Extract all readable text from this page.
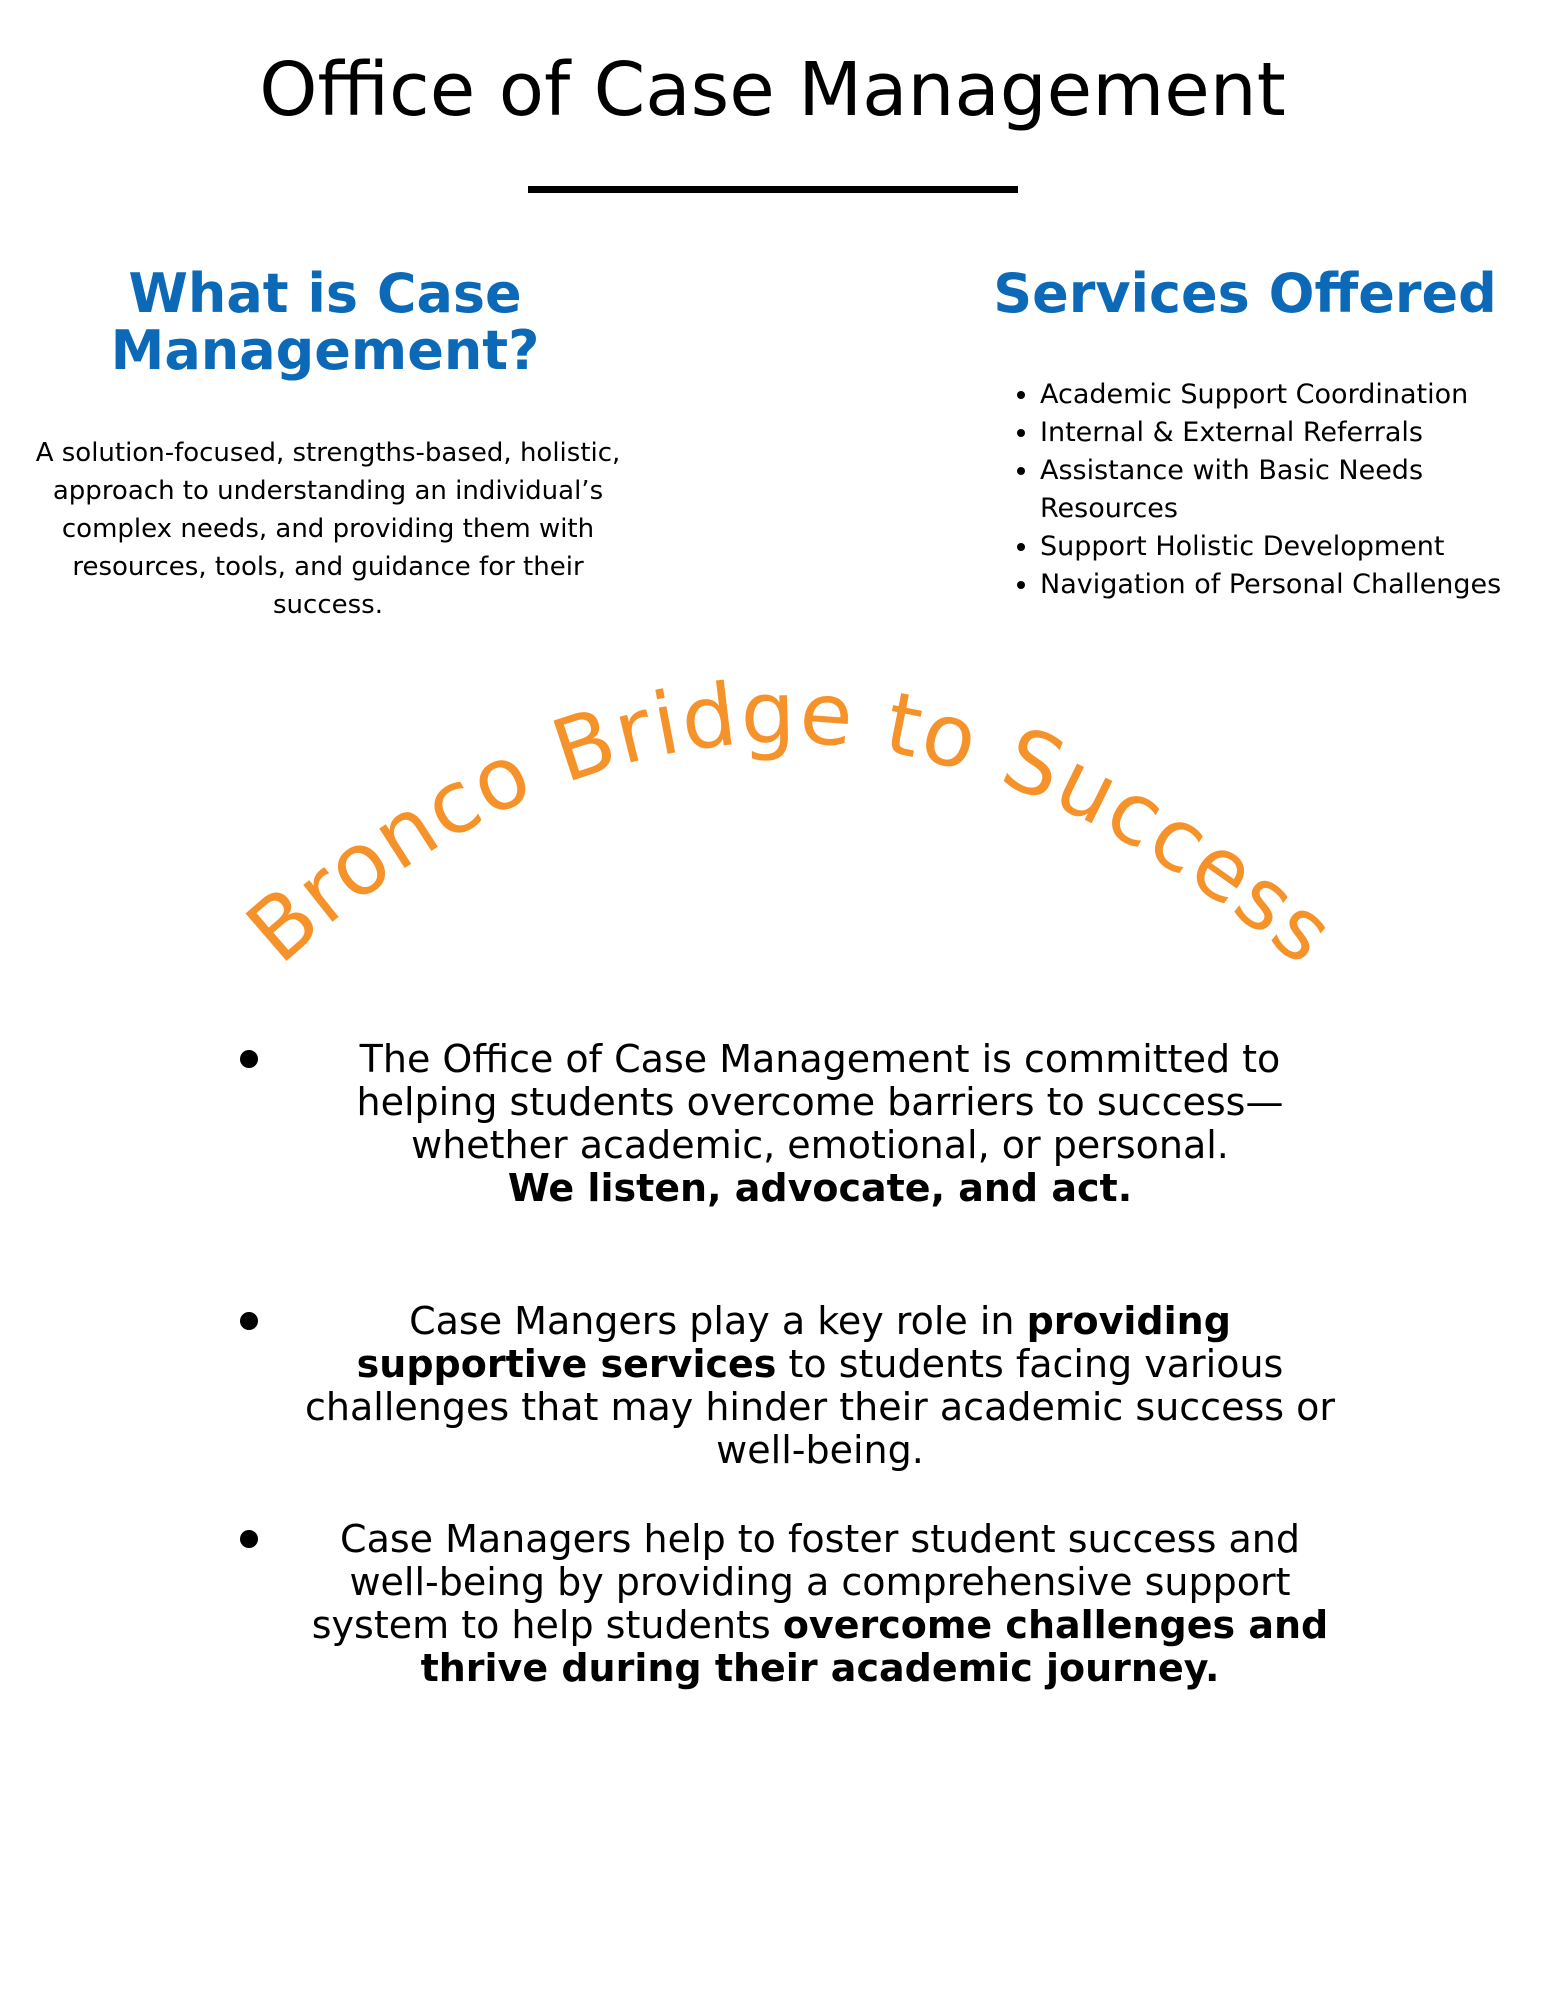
Office of Case Management
What is Case
Management?

A solution-focused, strengths-based, holistic, approach to understanding an individual’s complex needs, and providing them with resources, tools, and guidance for their success.

Services Offered
• Academic Support Coordination
• Internal & External Referrals
• Assistance with Basic Needs Resources
• Support Holistic Development
• Navigation of Personal Challenges
Bronco Bridge to Success

The Office of Case Management is committed to helping students overcome barriers to success—whether academic, emotional, or personal.
We listen, advocate, and act.

Case Mangers play a key role in providing supportive services to students facing various challenges that may hinder their academic success or well-being.

Case Managers help to foster student success and well-being by providing a comprehensive support system to help students overcome challenges and thrive during their academic journey.
